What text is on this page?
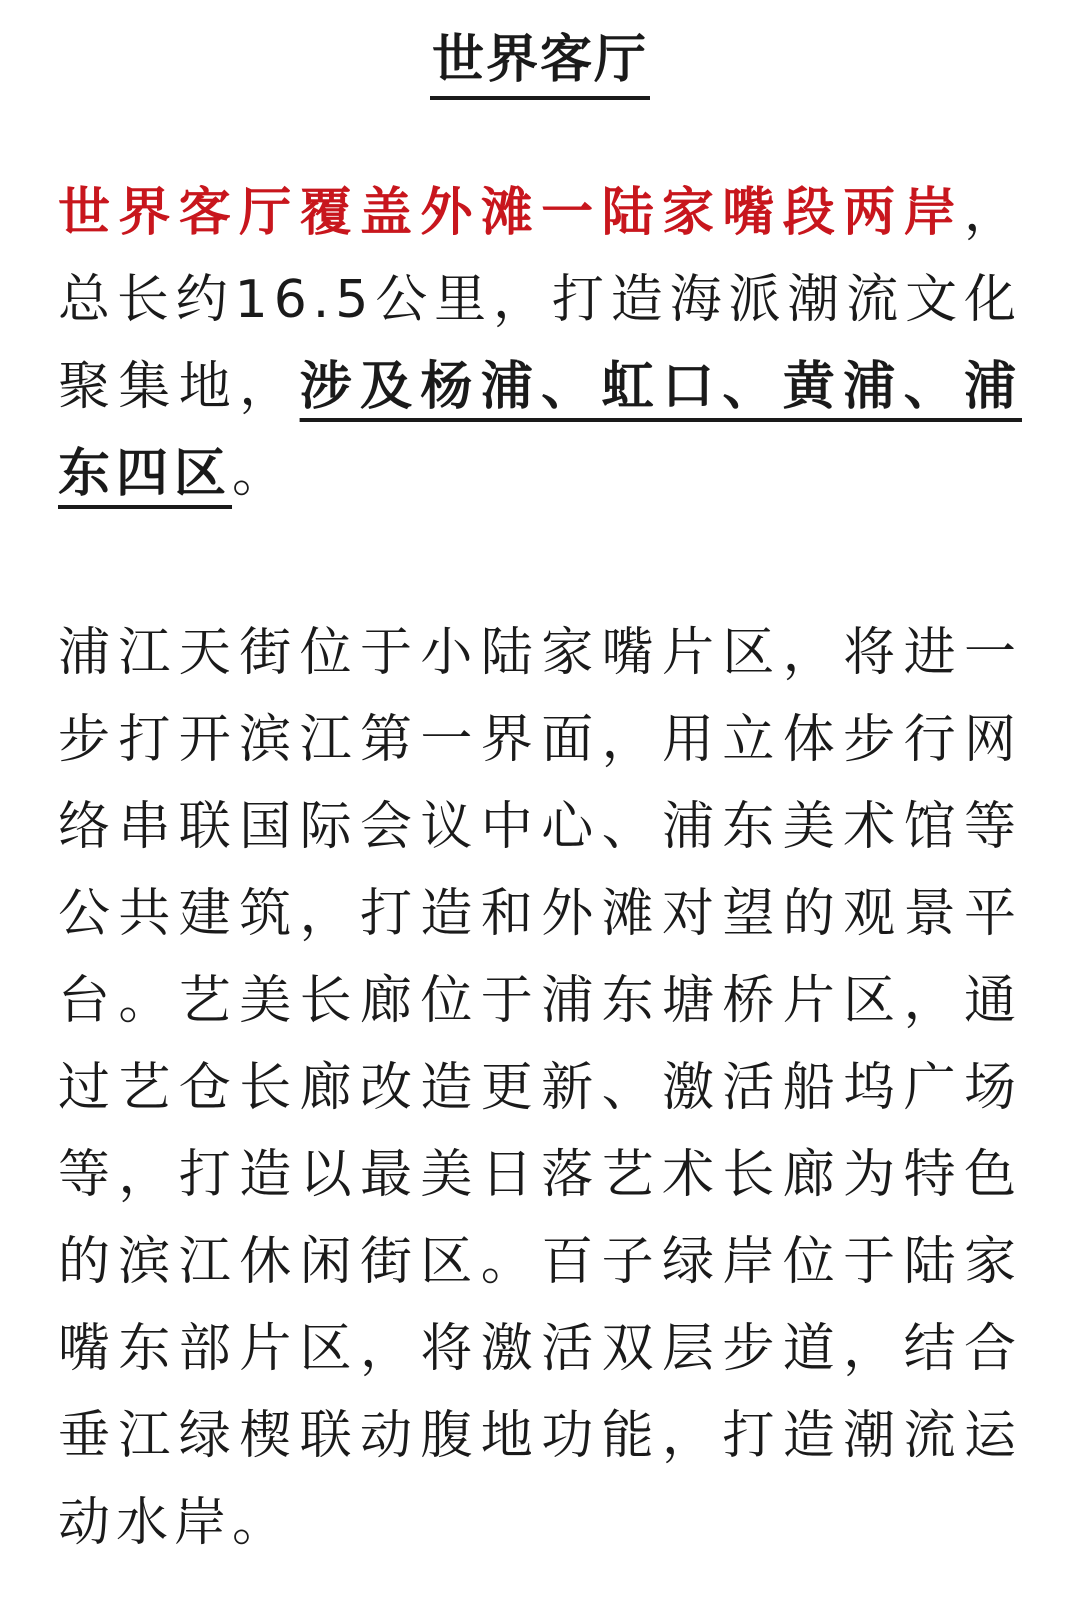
世界客厅

世界客厅覆盖外滩一陆家嘴段两岸，总长约16.5公里，打造海派潮流文化聚集地，涉及杨浦、虹口、黄浦、浦东四区。

浦江天街位于小陆家嘴片区，将进一步打开滨江第一界面，用立体步行网络串联国际会议中心、浦东美术馆等公共建筑，打造和外滩对望的观景平台。艺美长廊位于浦东塘桥片区，通过艺仓长廊改造更新、激活船坞广场等，打造以最美日落艺术长廊为特色的滨江休闲街区。百子绿岸位于陆家嘴东部片区，将激活双层步道，结合垂江绿楔联动腹地功能，打造潮流运动水岸。
